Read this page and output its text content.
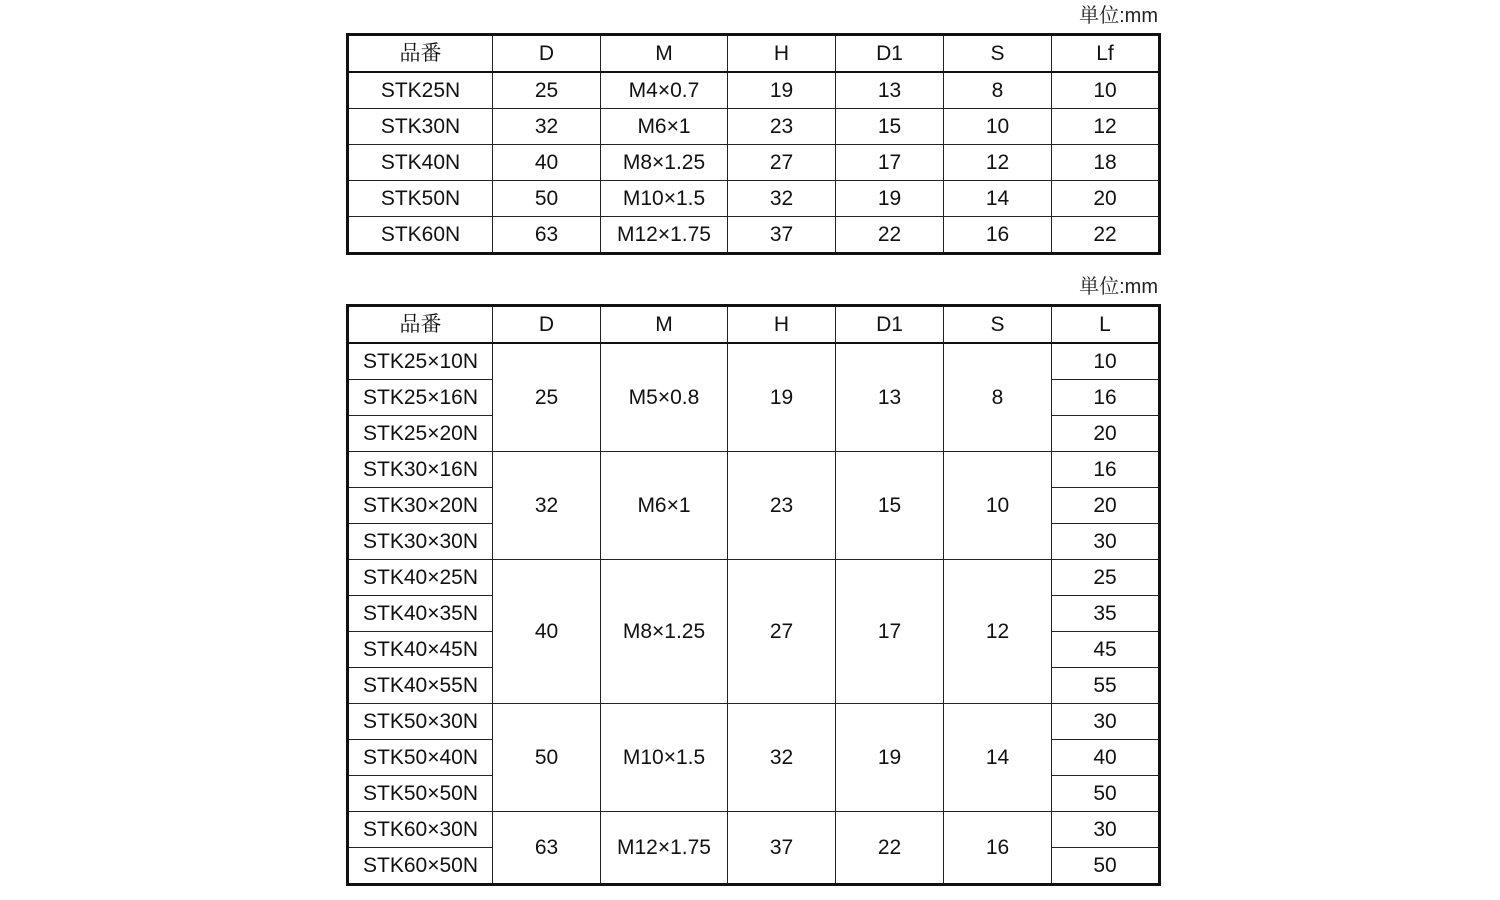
単位:mm
品番	D	M	H	D1	S	Lf
STK25N	25	M4×0.7	19	13	8	10
STK30N	32	M6×1	23	15	10	12
STK40N	40	M8×1.25	27	17	12	18
STK50N	50	M10×1.5	32	19	14	20
STK60N	63	M12×1.75	37	22	16	22
単位:mm
品番	D	M	H	D1	S	L
STK25×10N	25	M5×0.8	19	13	8	10
STK25×16N						16
STK25×20N						20
STK30×16N	32	M6×1	23	15	10	16
STK30×20N						20
STK30×30N						30
STK40×25N	40	M8×1.25	27	17	12	25
STK40×35N						35
STK40×45N						45
STK40×55N						55
STK50×30N	50	M10×1.5	32	19	14	30
STK50×40N						40
STK50×50N						50
STK60×30N	63	M12×1.75	37	22	16	30
STK60×50N						50
